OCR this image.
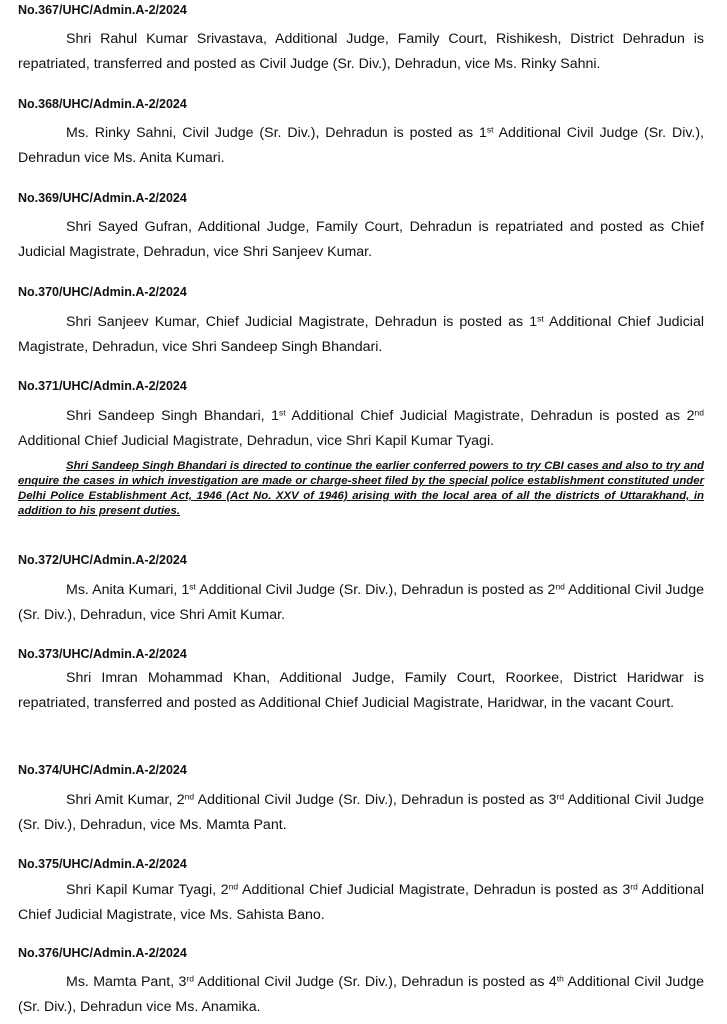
No.367/UHC/Admin.A-2/2024

Shri Rahul Kumar Srivastava, Additional Judge, Family Court, Rishikesh, District Dehradun is repatriated, transferred and posted as Civil Judge (Sr. Div.), Dehradun, vice Ms. Rinky Sahni.

No.368/UHC/Admin.A-2/2024

Ms. Rinky Sahni, Civil Judge (Sr. Div.), Dehradun is posted as 1st Additional Civil Judge (Sr. Div.), Dehradun vice Ms. Anita Kumari.

No.369/UHC/Admin.A-2/2024

Shri Sayed Gufran, Additional Judge, Family Court, Dehradun is repatriated and posted as Chief Judicial Magistrate, Dehradun, vice Shri Sanjeev Kumar.

No.370/UHC/Admin.A-2/2024

Shri Sanjeev Kumar, Chief Judicial Magistrate, Dehradun is posted as 1st Additional Chief Judicial Magistrate, Dehradun, vice Shri Sandeep Singh Bhandari.

No.371/UHC/Admin.A-2/2024

Shri Sandeep Singh Bhandari, 1st Additional Chief Judicial Magistrate, Dehradun is posted as 2nd Additional Chief Judicial Magistrate, Dehradun, vice Shri Kapil Kumar Tyagi.

Shri Sandeep Singh Bhandari is directed to continue the earlier conferred powers to try CBI cases and also to try and enquire the cases in which investigation are made or charge-sheet filed by the special police establishment constituted under Delhi Police Establishment Act, 1946 (Act No. XXV of 1946) arising with the local area of all the districts of Uttarakhand, in addition to his present duties.

No.372/UHC/Admin.A-2/2024

Ms. Anita Kumari, 1st Additional Civil Judge (Sr. Div.), Dehradun is posted as 2nd Additional Civil Judge (Sr. Div.), Dehradun, vice Shri Amit Kumar.

No.373/UHC/Admin.A-2/2024

Shri Imran Mohammad Khan, Additional Judge, Family Court, Roorkee, District Haridwar is repatriated, transferred and posted as Additional Chief Judicial Magistrate, Haridwar, in the vacant Court.

No.374/UHC/Admin.A-2/2024

Shri Amit Kumar, 2nd Additional Civil Judge (Sr. Div.), Dehradun is posted as 3rd Additional Civil Judge (Sr. Div.), Dehradun, vice Ms. Mamta Pant.

No.375/UHC/Admin.A-2/2024

Shri Kapil Kumar Tyagi, 2nd Additional Chief Judicial Magistrate, Dehradun is posted as 3rd Additional Chief Judicial Magistrate, vice Ms. Sahista Bano.

No.376/UHC/Admin.A-2/2024

Ms. Mamta Pant, 3rd Additional Civil Judge (Sr. Div.), Dehradun is posted as 4th Additional Civil Judge (Sr. Div.), Dehradun vice Ms. Anamika.
